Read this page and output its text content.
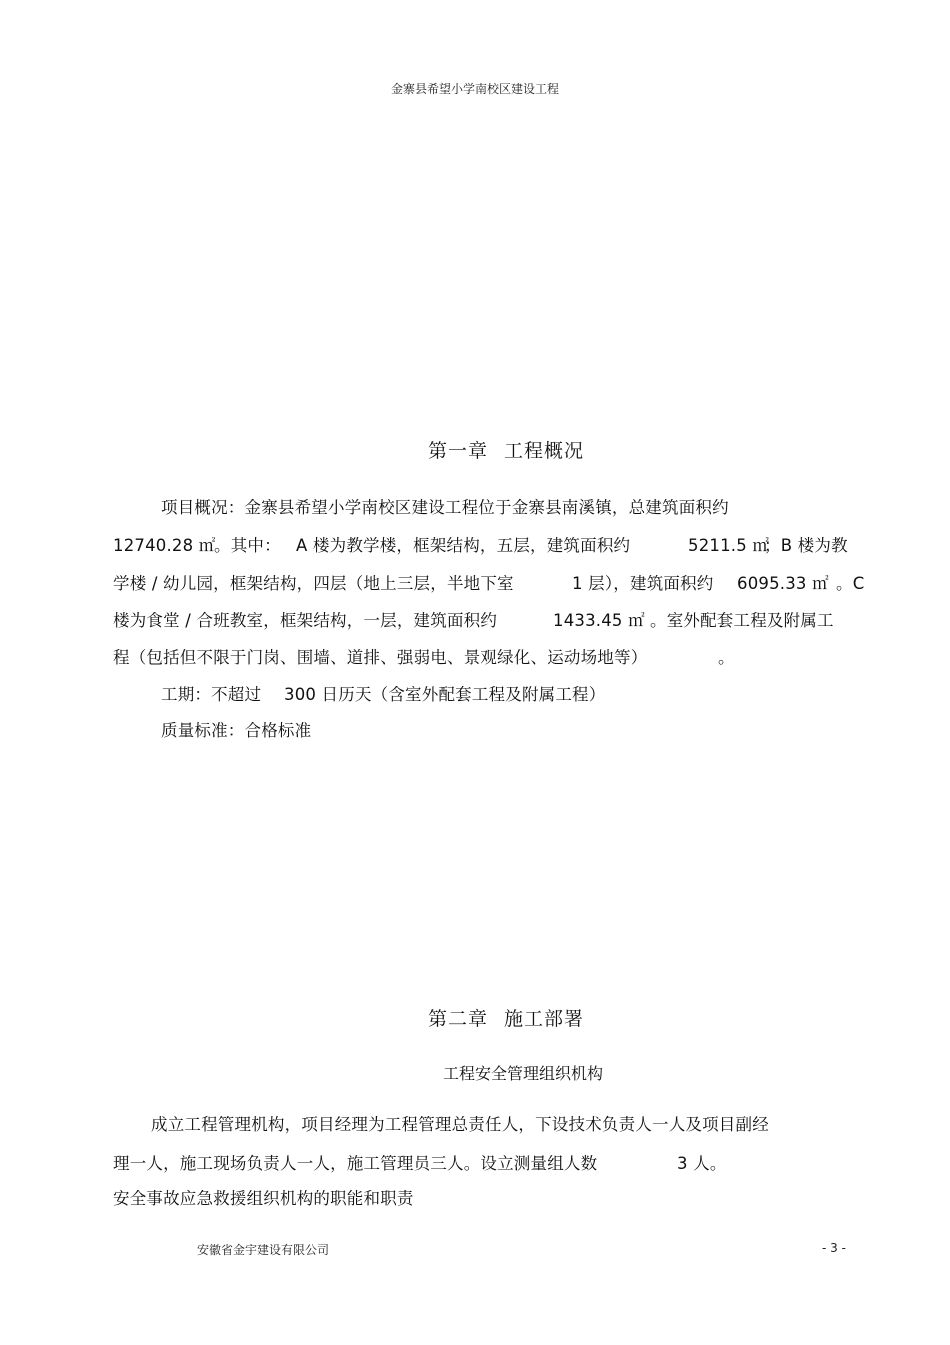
金寨县希望小学南校区建设工程
第一章 工程概况
项目概况：金寨县希望小学南校区建设工程位于金寨县南溪镇，总建筑面积约
12740.28 ㎡
。其中： A 楼为教学楼，框架结构，五层，建筑面积约	5211.5 ㎡
；B 楼为教
学楼 / 幼儿园，框架结构，四层（地上三层，半地下室	1 层），建筑面积约 6095.33 ㎡ 。C
楼为食堂 / 合班教室，框架结构，一层，建筑面积约	1433.45 ㎡ 。室外配套工程及附属工
程（包括但不限于门岗、围墙、道排、强弱电、景观绿化、运动场地等）	。
工期：不超过 300 日历天（含室外配套工程及附属工程）
质量标准：合格标准
第二章 施工部署
工程安全管理组织机构
成立工程管理机构，项目经理为工程管理总责任人，下设技术负责人一人及项目副经
理一人，施工现场负责人一人，施工管理员三人。设立测量组人数	3 人。
安全事故应急救援组织机构的职能和职责
安徽省金宇建设有限公司	- 3 -
